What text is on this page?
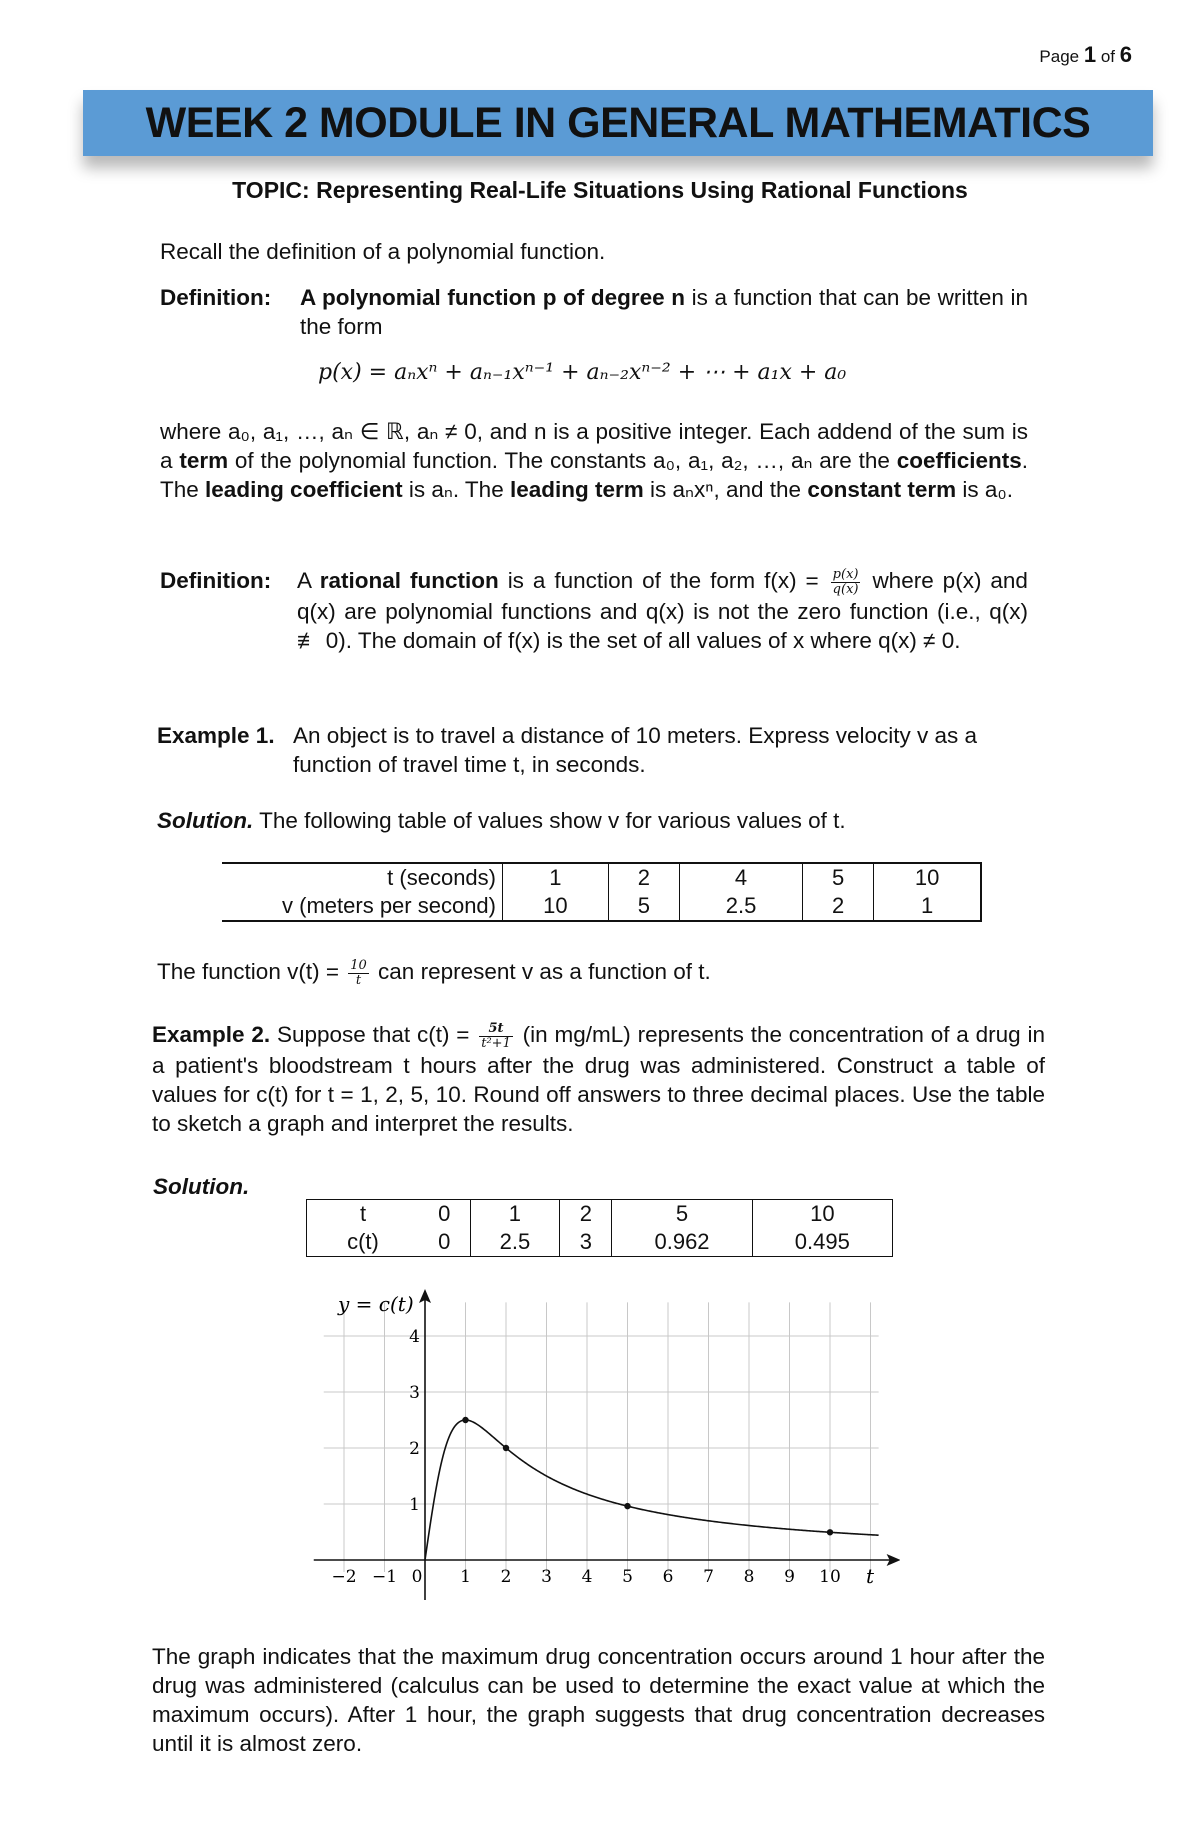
Page 1 of 6
WEEK 2 MODULE IN GENERAL MATHEMATICS
TOPIC: Representing Real-Life Situations Using Rational Functions
Recall the definition of a polynomial function.
Definition: A polynomial function p of degree n is a function that can be written in the form
p(x) = aₙxⁿ + aₙ₋₁xⁿ⁻¹ + aₙ₋₂xⁿ⁻² + ⋯ + a₁x + a₀
where a₀, a₁, …, aₙ ∈ ℝ, aₙ ≠ 0, and n is a positive integer. Each addend of the sum is a term of the polynomial function. The constants a₀, a₁, a₂, …, aₙ are the coefficients. The leading coefficient is aₙ. The leading term is aₙxⁿ, and the constant term is a₀.
Definition: A rational function is a function of the form $f(x) = \frac{p(x)}{q(x)}$ where p(x) and q(x) are polynomial functions and q(x) is not the zero function (i.e., q(x) ≢ 0). The domain of f(x) is the set of all values of x where q(x) ≠ 0.
Example 1. An object is to travel a distance of 10 meters. Express velocity v as a function of travel time t, in seconds.
Solution. The following table of values show v for various values of t.
t (seconds)	1	2	4	5	10
v (meters per second)	10	5	2.5	2	1
The function $v(t) = \frac{10}{t}$ can represent v as a function of t.
Example 2. Suppose that $c(t) = \frac{5t}{\text{t²+1}} (in$ mg/mL) represents the concentration of a drug in a patient's bloodstream t hours after the drug was administered. Construct a table of values for c(t) for t = 1, 2, 5, 10. Round off answers to three decimal places. Use the table to sketch a graph and interpret the results.
Solution.
t	0	1	2	5	10
c(t)	0	2.5	3	0.962	0.495
−2 −1 0 1 2 3 4 5 6 7 8 9 10
1
2
3
4
y = c(t)
t
The graph indicates that the maximum drug concentration occurs around 1 hour after the drug was administered (calculus can be used to determine the exact value at which the maximum occurs). After 1 hour, the graph suggests that drug concentration decreases until it is almost zero.
